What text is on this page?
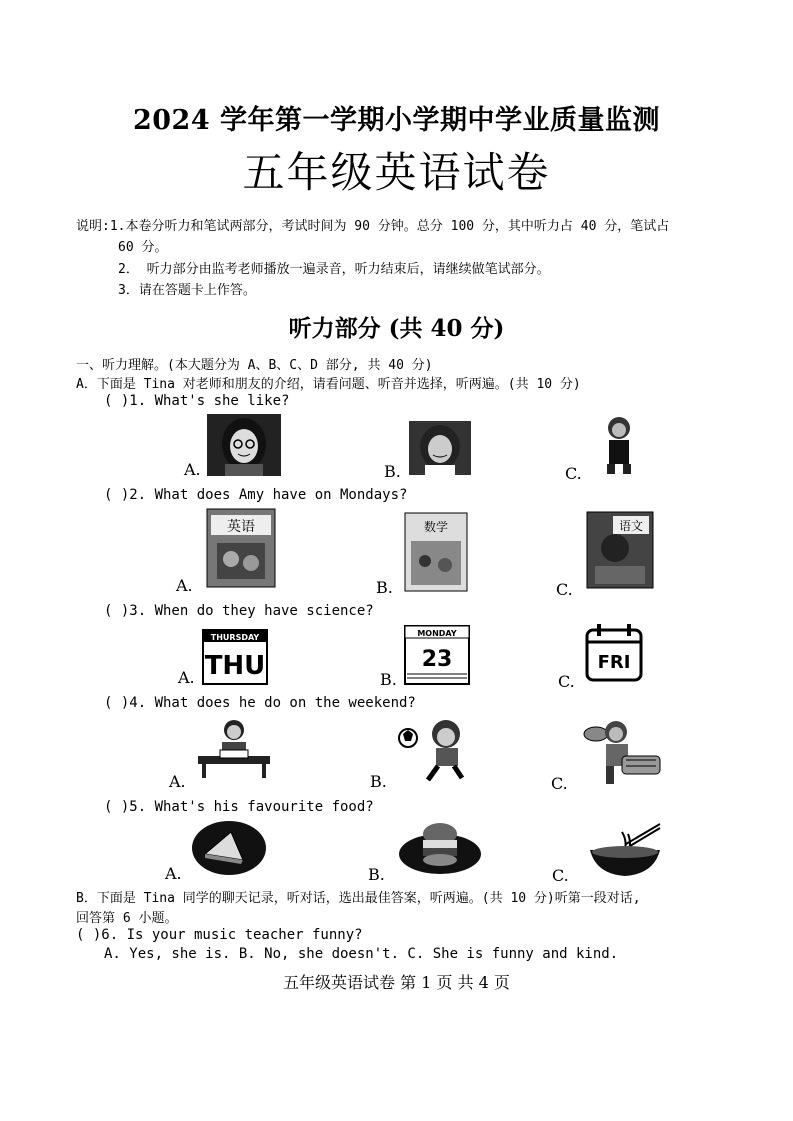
2024 学年第一学期小学期中学业质量监测
五年级英语试卷
说明:1.本卷分听力和笔试两部分，考试时间为 90 分钟。总分 100 分，其中听力占 40 分，笔试占
60 分。
2． 听力部分由监考老师播放一遍录音，听力结束后，请继续做笔试部分。
3．请在答题卡上作答。
听力部分 (共 40 分)
一、听力理解。(本大题分为 A、B、C、D 部分, 共 40 分)
A．下面是 Tina 对老师和朋友的介绍，请看问题、听音并选择，听两遍。(共 10 分)
( )1. What's she like?
A.	B.	C.
( )2. What does Amy have on Mondays?
英语
A.
数学
B.
语文
C.
( )3. When do they have science?
THURSDAY
THU
A.
MONDAY
23
B.
FRI
C.
( )4. What does he do on the weekend?
A.	B.	C.
( )5. What's his favourite food?
A.	B.	C.
B．下面是 Tina 同学的聊天记录，听对话，选出最佳答案，听两遍。(共 10 分)听第一段对话,
回答第 6 小题。
( )6. Is your music teacher funny?
A. Yes, she is. B. No, she doesn't. C. She is funny and kind.
五年级英语试卷 第 1 页 共 4 页
